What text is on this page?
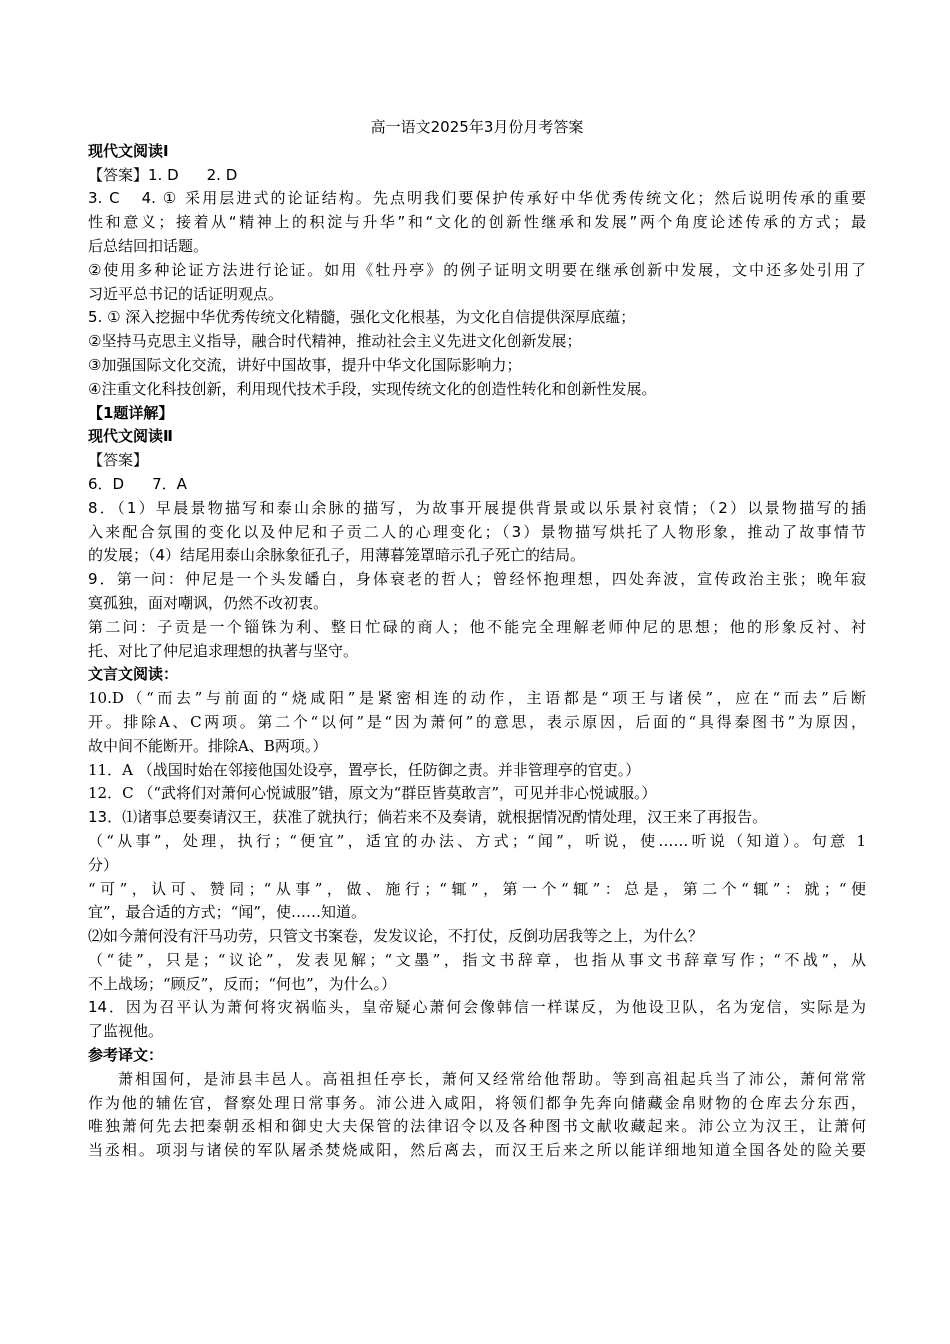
高一语文2025年3月份月考答案
现代文阅读Ⅰ
【答案】1. D 2. D
3. C 4. ① 采用层进式的论证结构。先点明我们要保护传承好中华优秀传统文化；然后说明传承的重要
性和意义；接着从“精神上的积淀与升华”和“文化的创新性继承和发展”两个角度论述传承的方式；最
后总结回扣话题。
②使用多种论证方法进行论证。如用《牡丹亭》的例子证明文明要在继承创新中发展，文中还多处引用了
习近平总书记的话证明观点。
5. ① 深入挖掘中华优秀传统文化精髓，强化文化根基，为文化自信提供深厚底蕴；
②坚持马克思主义指导，融合时代精神，推动社会主义先进文化创新发展；
③加强国际文化交流，讲好中国故事，提升中华文化国际影响力；
④注重文化科技创新，利用现代技术手段，实现传统文化的创造性转化和创新性发展。
【1题详解】
现代文阅读Ⅱ
【答案】
6．D 7．A
8．（1）早晨景物描写和泰山余脉的描写，为故事开展提供背景或以乐景衬哀情；（2）以景物描写的插
入来配合氛围的变化以及仲尼和子贡二人的心理变化；（3）景物描写烘托了人物形象，推动了故事情节
的发展；（4）结尾用泰山余脉象征孔子，用薄暮笼罩暗示孔子死亡的结局。
9．第一问：仲尼是一个头发皤白，身体衰老的哲人；曾经怀抱理想，四处奔波，宣传政治主张；晚年寂
寞孤独，面对嘲讽，仍然不改初衷。
第二问：子贡是一个锱铢为利、整日忙碌的商人；他不能完全理解老师仲尼的思想；他的形象反衬、衬
托、对比了仲尼追求理想的执著与坚守。
文言文阅读：
10.D（“而去”与前面的“烧咸阳”是紧密相连的动作，主语都是“项王与诸侯”，应在“而去”后断
开。排除A、C两项。第二个“以何”是“因为萧何”的意思，表示原因，后面的“具得秦图书”为原因，
故中间不能断开。排除A、B两项。）
11．A （战国时始在邻接他国处设亭，置亭长，任防御之责。并非管理亭的官吏。）
12．C （“武将们对萧何心悦诚服”错，原文为“群臣皆莫敢言”，可见并非心悦诚服。）
13．⑴诸事总要奏请汉王，获准了就执行；倘若来不及奏请，就根据情况酌情处理，汉王来了再报告。
（“从事”，处理，执行；“便宜”，适宜的办法、方式；“闻”，听说，使……听说（知道）。句意 1
分）
“可”，认可、赞同；“从事”，做、施行；“辄”，第一个“辄”：总是，第二个“辄”：就；“便
宜”，最合适的方式；“闻”，使……知道。
⑵如今萧何没有汗马功劳，只管文书案卷，发发议论，不打仗，反倒功居我等之上，为什么？
（“徒”，只是；“议论”，发表见解；“文墨”，指文书辞章，也指从事文书辞章写作；“不战”，从
不上战场；“顾反”，反而；“何也”，为什么。）
14．因为召平认为萧何将灾祸临头，皇帝疑心萧何会像韩信一样谋反，为他设卫队，名为宠信，实际是为
了监视他。
参考译文：
萧相国何，是沛县丰邑人。高祖担任亭长，萧何又经常给他帮助。等到高祖起兵当了沛公，萧何常常
作为他的辅佐官，督察处理日常事务。沛公进入咸阳，将领们都争先奔向储藏金帛财物的仓库去分东西，
唯独萧何先去把秦朝丞相和御史大夫保管的法律诏令以及各种图书文献收藏起来。沛公立为汉王，让萧何
当丞相。项羽与诸侯的军队屠杀焚烧咸阳，然后离去，而汉王后来之所以能详细地知道全国各处的险关要
